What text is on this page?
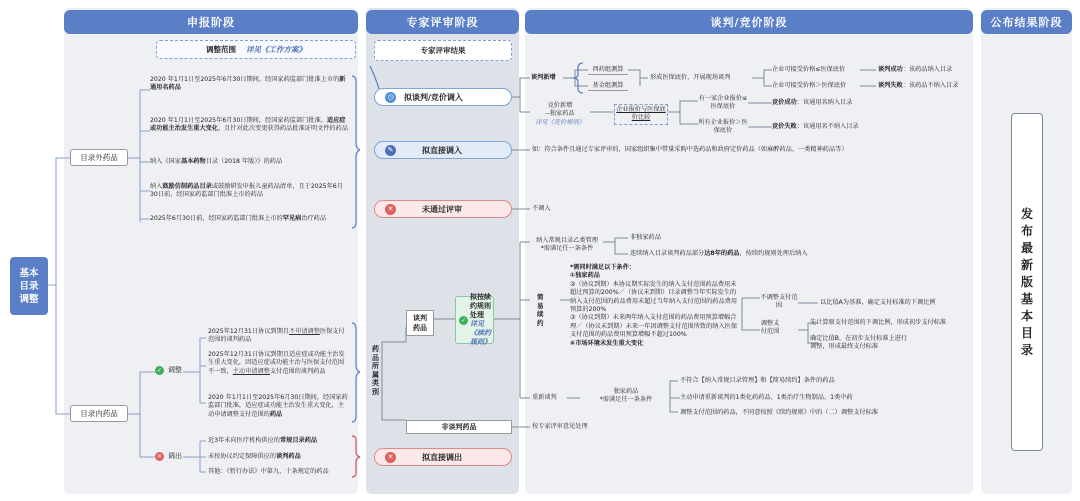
申报阶段	专家评审阶段	谈判/竞价阶段	公布结果阶段
调整范围 详见《工作方案》
基本目录调整
目录外药品
目录内药品
2020 年1月1日至2025年6月30日期间，经国家药监部门批准上市的新通用名药品
2020 年1月1日至2025年6月30日期间，经国家药监部门批准，适应症或功能主治发生重大变化，且针对此次变更获得药品批准证明文件的药品
纳入《国家基本药物目录（2018 年版）》的药品
纳入鼓励仿制药品目录或鼓励研发申报儿童药品清单，且于2025年6月30日前，经国家药监部门批准上市的药品
2025年6月30日前，经国家药监部门批准上市的罕见病治疗药品
✓ 调整
✕ 调出
2025年12月31日协议到期且不申请调整医保支付范围的谈判药品
2025年12月31日协议到期且适应症或功能主治发生重大变化，因适应症或功能主治与医保支付范围不一致，主动申请调整支付范围的谈判药品
2020 年1月1日至2025年6月30日期间，经国家药监部门批准，适应症或功能主治发生重大变化，主动申请调整支付范围的药品
近3年未向医疗机构供应的常规目录药品
未按协议约定保障供应的谈判药品
其他：《暂行办法》中第九、十条规定的药品
专家评审结果
◷	拟谈判/竞价调入
✎	拟直接调入
✕	未通过评审
药品所属类别
谈判药品
✓
拟按续约规则处理 详见《续约规则》
非谈判药品
✕	拟直接调出
谈判新增
西药组测算
基金组测算
形成医保底价，开展现场谈判
企业可接受价格≤医保底价
企业可接受价格＞医保底价
谈判成功：该药品纳入目录
谈判失败：该药品不纳入目录
竞价新增
--独家药品
详见《竞价规则》
企业报价与医保底价比较
有一家企业报价≤医保底价
所有企业报价＞医保底价
竞价成功：该通用名纳入目录
竞价失败：该通用名不纳入目录
如：符合条件且通过专家评审的，国家组织集中带量采购中选药品和政府定价药品（如麻醉药品、一类精神药品等）
不调入
纳入常规目录乙类管理
*需满足任一条条件
非独家药品
连续纳入目录谈判药品部分达8年的药品，按续约规则处理后纳入
简易续约
*需同时满足以下条件：
①独家药品
②（协议到期）本协议期实际发生的纳入支付范围药品费用未超过预算的200%／（协议未到期）目录调整当年实际发生的纳入支付范围的药品费用未超过当年纳入支付范围的药品费用预算的200%
③（协议到期）未来两年纳入支付范围的药品费用预算增幅合理／（协议未到期）未来一年因调整支付范围所致的纳入医保支付范围的药品费用预算增幅不超过100%
④市场环境未发生重大变化
不调整支付范围
调整支付范围
以比值A为基准，确定支付标准的下调比例
先计算原支付范围的下调比例，形成初步支付标准
确定比值B，在初步支付标准上进行调整，形成最终支付标准
重新谈判
独家药品
*需满足任一条条件
不符合【纳入常规目录管理】和【简易续约】条件的药品
主动申请重新谈判的1类化药药品、1类治疗生物制品、1类中药
调整支付范围的药品，不同意按照《续约规则》中的（二）调整支付标准
按专家评审意见处理
发布最新版基本目录
